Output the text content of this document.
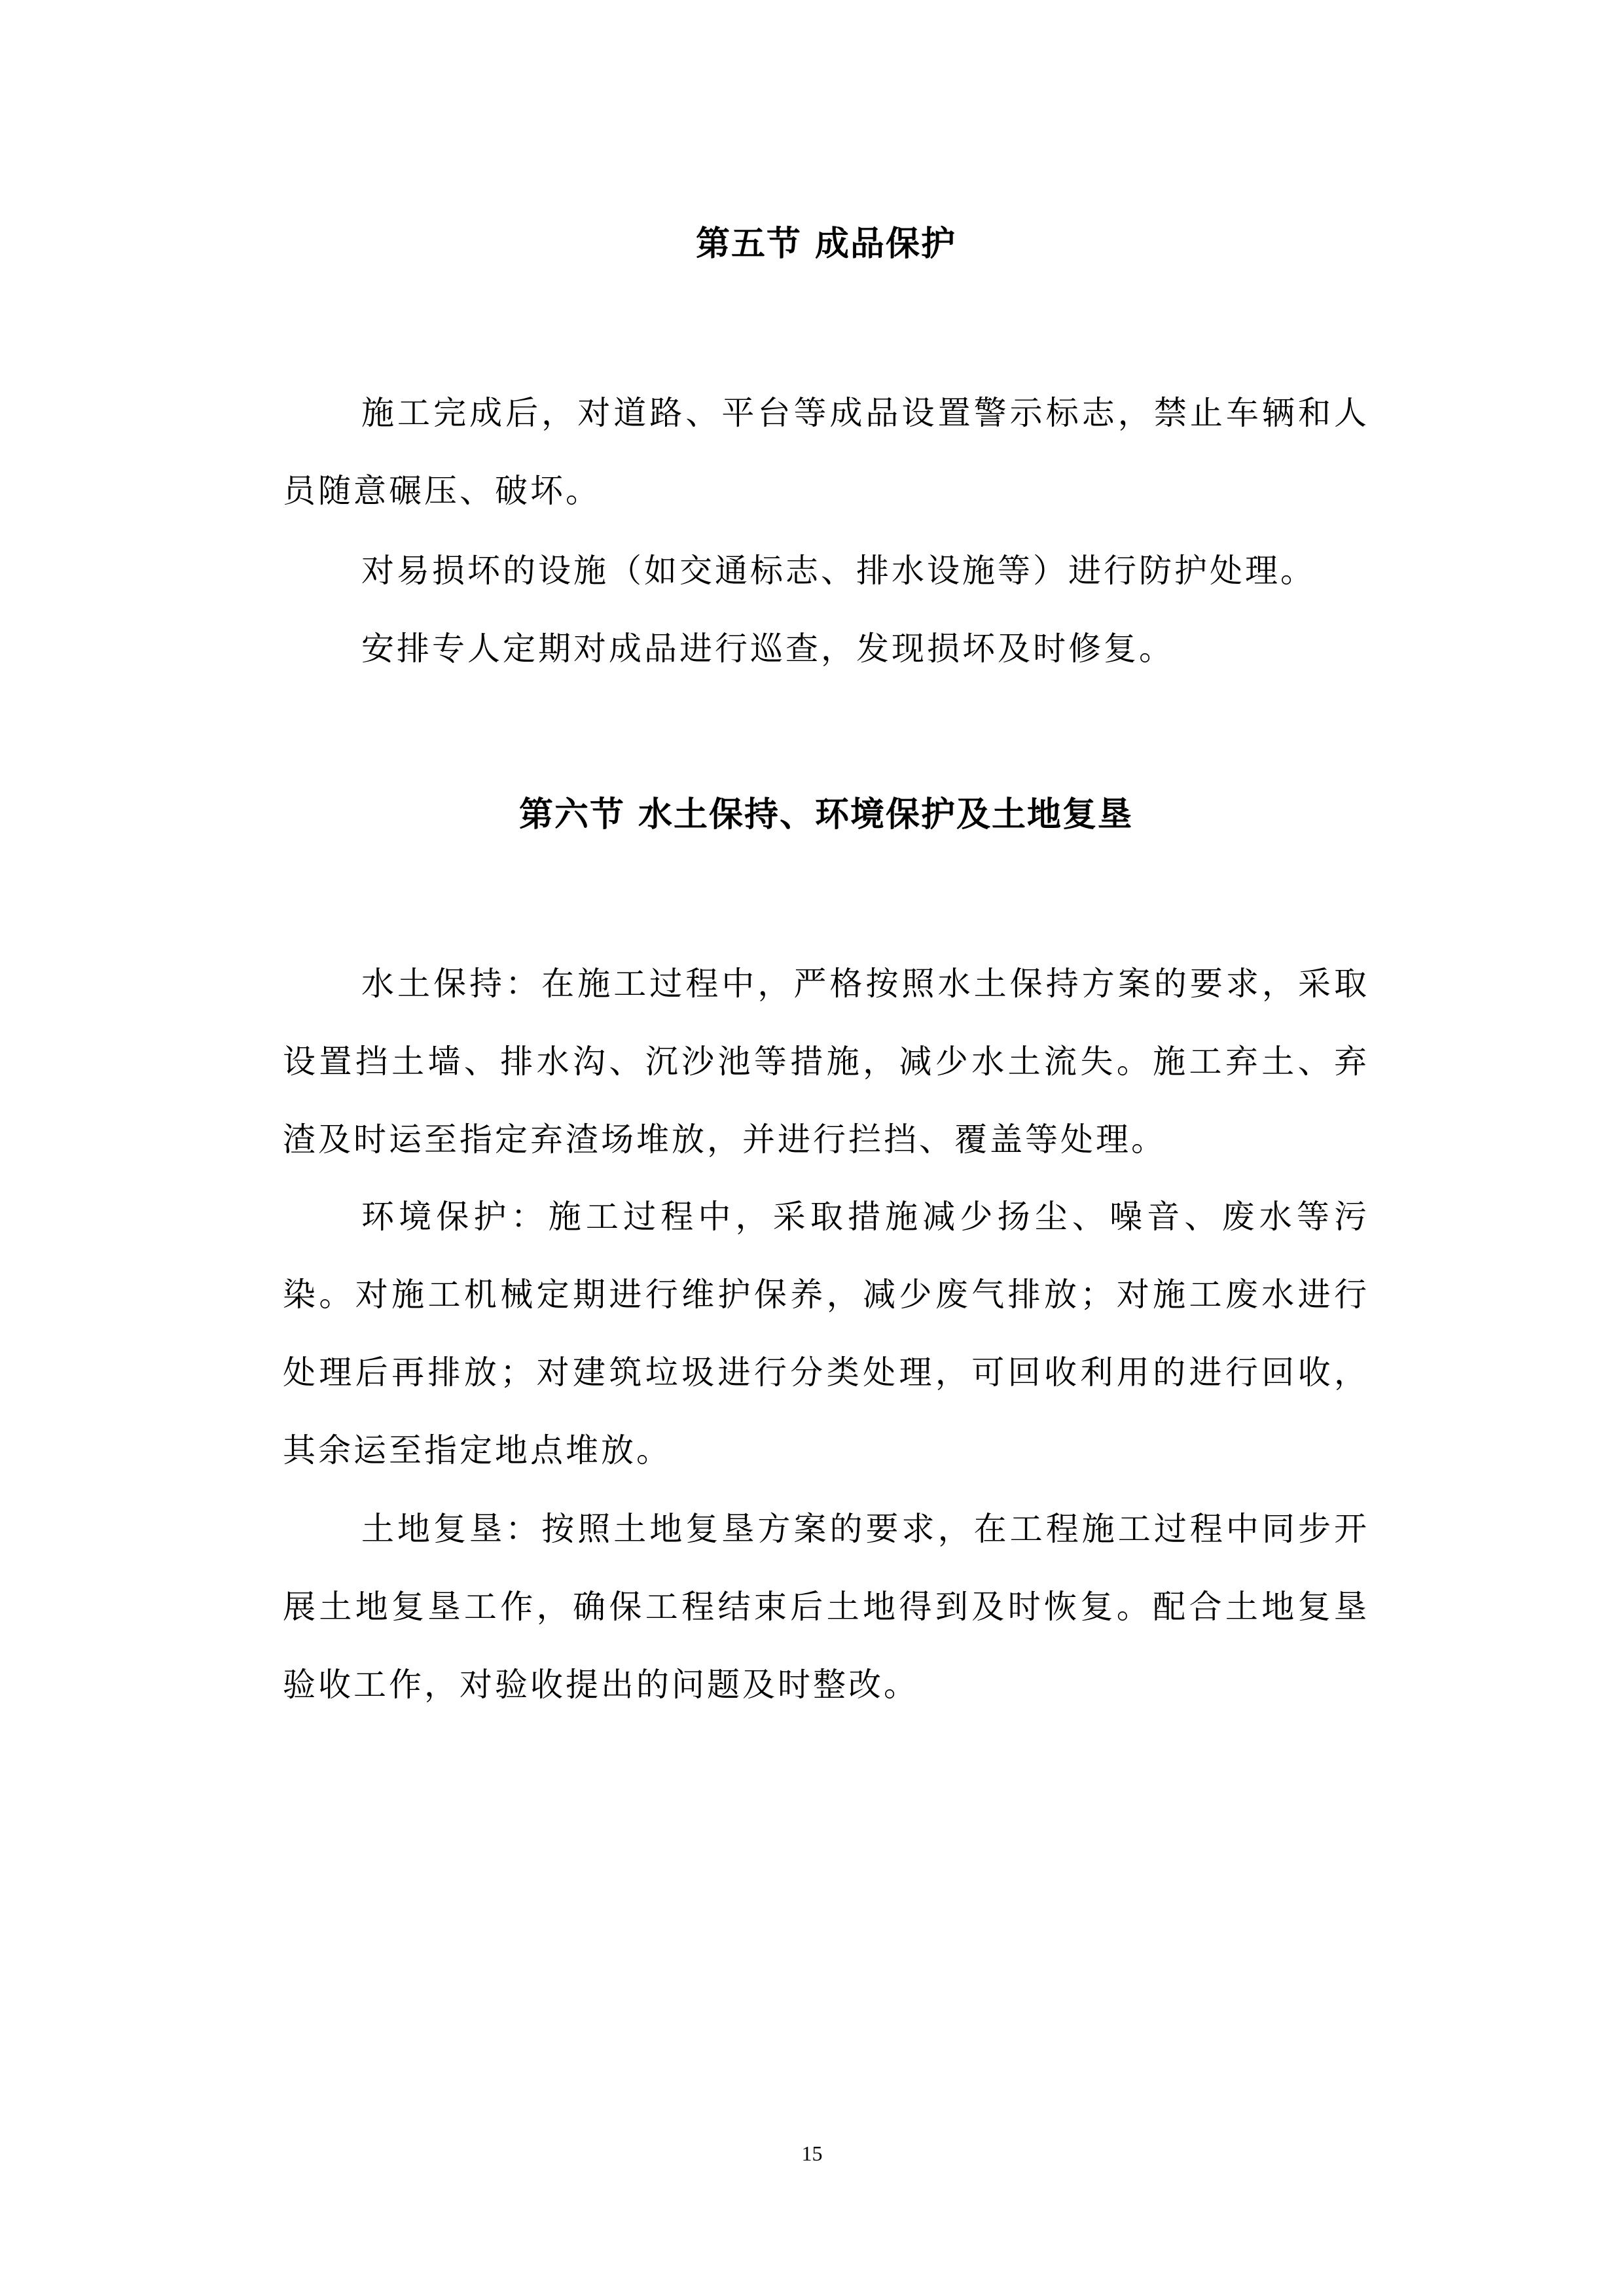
第五节 成品保护

施工完成后，对道路、平台等成品设置警示标志，禁止车辆和人员随意碾压、破坏。

对易损坏的设施（如交通标志、排水设施等）进行防护处理。

安排专人定期对成品进行巡查，发现损坏及时修复。

第六节 水土保持、环境保护及土地复垦

水土保持：在施工过程中，严格按照水土保持方案的要求，采取设置挡土墙、排水沟、沉沙池等措施，减少水土流失。施工弃土、弃渣及时运至指定弃渣场堆放，并进行拦挡、覆盖等处理。

环境保护：施工过程中，采取措施减少扬尘、噪音、废水等污染。对施工机械定期进行维护保养，减少废气排放；对施工废水进行处理后再排放；对建筑垃圾进行分类处理，可回收利用的进行回收，其余运至指定地点堆放。

土地复垦：按照土地复垦方案的要求，在工程施工过程中同步开展土地复垦工作，确保工程结束后土地得到及时恢复。配合土地复垦验收工作，对验收提出的问题及时整改。

15
